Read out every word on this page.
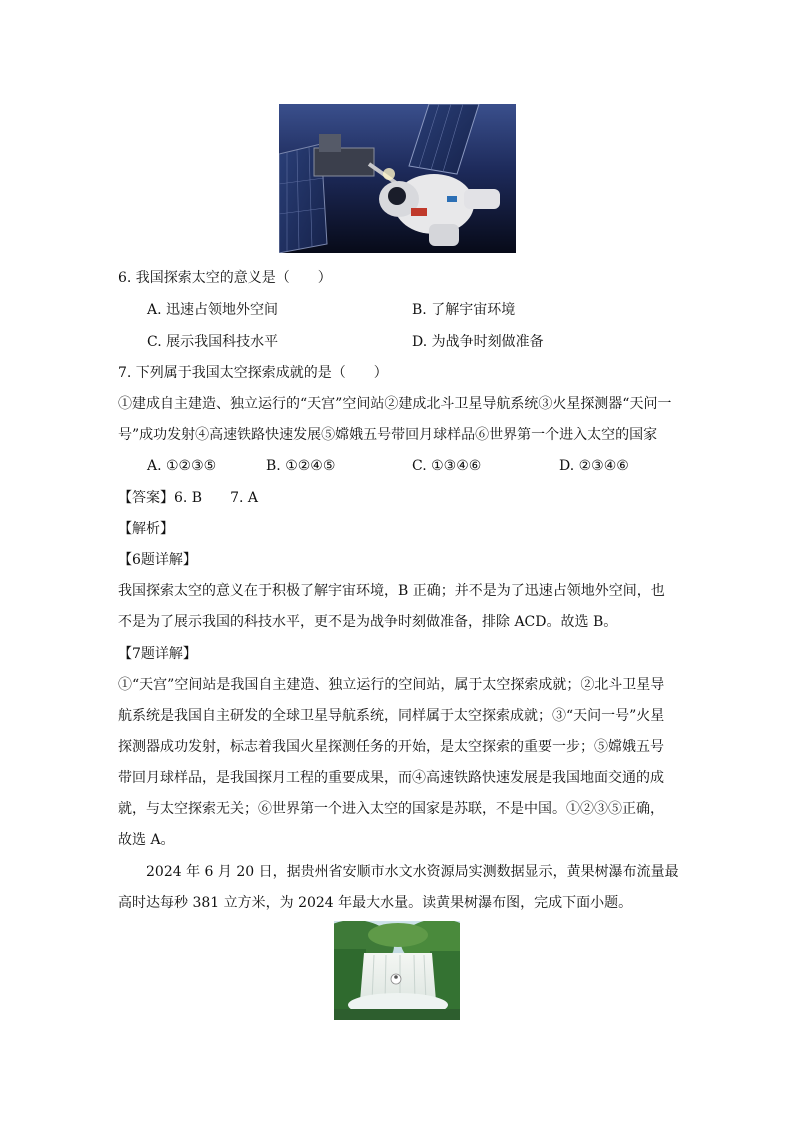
6. 我国探索太空的意义是（　　）
A. 迅速占领地外空间	B. 了解宇宙环境
C. 展示我国科技水平	D. 为战争时刻做准备
7. 下列属于我国太空探索成就的是（　　）
①建成自主建造、独立运行的“天宫”空间站②建成北斗卫星导航系统③火星探测器“天问一
号”成功发射④高速铁路快速发展⑤嫦娥五号带回月球样品⑥世界第一个进入太空的国家
A. ①②③⑤	B. ①②④⑤	C. ①③④⑥	D. ②③④⑥
【答案】6. B　　7. A
【解析】
【6题详解】
我国探索太空的意义在于积极了解宇宙环境，B 正确；并不是为了迅速占领地外空间，也
不是为了展示我国的科技水平，更不是为战争时刻做准备，排除 ACD。故选 B。
【7题详解】
①“天宫”空间站是我国自主建造、独立运行的空间站，属于太空探索成就；②北斗卫星导
航系统是我国自主研发的全球卫星导航系统，同样属于太空探索成就；③“天问一号”火星
探测器成功发射，标志着我国火星探测任务的开始，是太空探索的重要一步；⑤嫦娥五号
带回月球样品，是我国探月工程的重要成果，而④高速铁路快速发展是我国地面交通的成
就，与太空探索无关；⑥世界第一个进入太空的国家是苏联，不是中国。①②③⑤正确，
故选 A。
2024 年 6 月 20 日，据贵州省安顺市水文水资源局实测数据显示，黄果树瀑布流量最
高时达每秒 381 立方米，为 2024 年最大水量。读黄果树瀑布图，完成下面小题。
